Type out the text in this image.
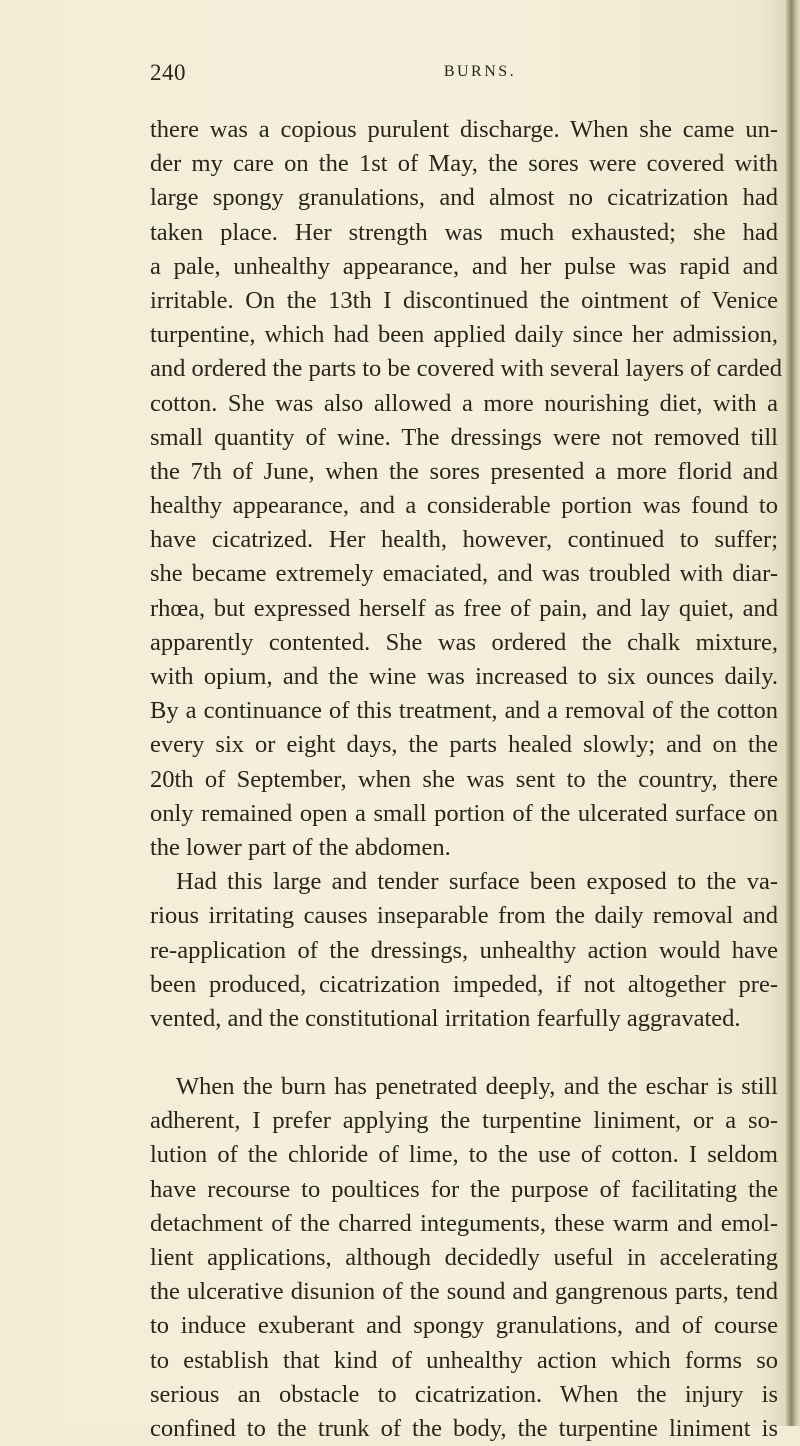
240	BURNS.
there was a copious purulent discharge. When she came un-
der my care on the 1st of May, the sores were covered with
large spongy granulations, and almost no cicatrization had
taken place. Her strength was much exhausted; she had
a pale, unhealthy appearance, and her pulse was rapid and
irritable. On the 13th I discontinued the ointment of Venice
turpentine, which had been applied daily since her admission,
and ordered the parts to be covered with several layers of carded
cotton. She was also allowed a more nourishing diet, with a
small quantity of wine. The dressings were not removed till
the 7th of June, when the sores presented a more florid and
healthy appearance, and a considerable portion was found to
have cicatrized. Her health, however, continued to suffer;
she became extremely emaciated, and was troubled with diar-
rhœa, but expressed herself as free of pain, and lay quiet, and
apparently contented. She was ordered the chalk mixture,
with opium, and the wine was increased to six ounces daily.
By a continuance of this treatment, and a removal of the cotton
every six or eight days, the parts healed slowly; and on the
20th of September, when she was sent to the country, there
only remained open a small portion of the ulcerated surface on
the lower part of the abdomen.
Had this large and tender surface been exposed to the va-
rious irritating causes inseparable from the daily removal and
re-application of the dressings, unhealthy action would have
been produced, cicatrization impeded, if not altogether pre-
vented, and the constitutional irritation fearfully aggravated.
When the burn has penetrated deeply, and the eschar is still
adherent, I prefer applying the turpentine liniment, or a so-
lution of the chloride of lime, to the use of cotton. I seldom
have recourse to poultices for the purpose of facilitating the
detachment of the charred integuments, these warm and emol-
lient applications, although decidedly useful in accelerating
the ulcerative disunion of the sound and gangrenous parts, tend
to induce exuberant and spongy granulations, and of course
to establish that kind of unhealthy action which forms so
serious an obstacle to cicatrization. When the injury is
confined to the trunk of the body, the turpentine liniment is
